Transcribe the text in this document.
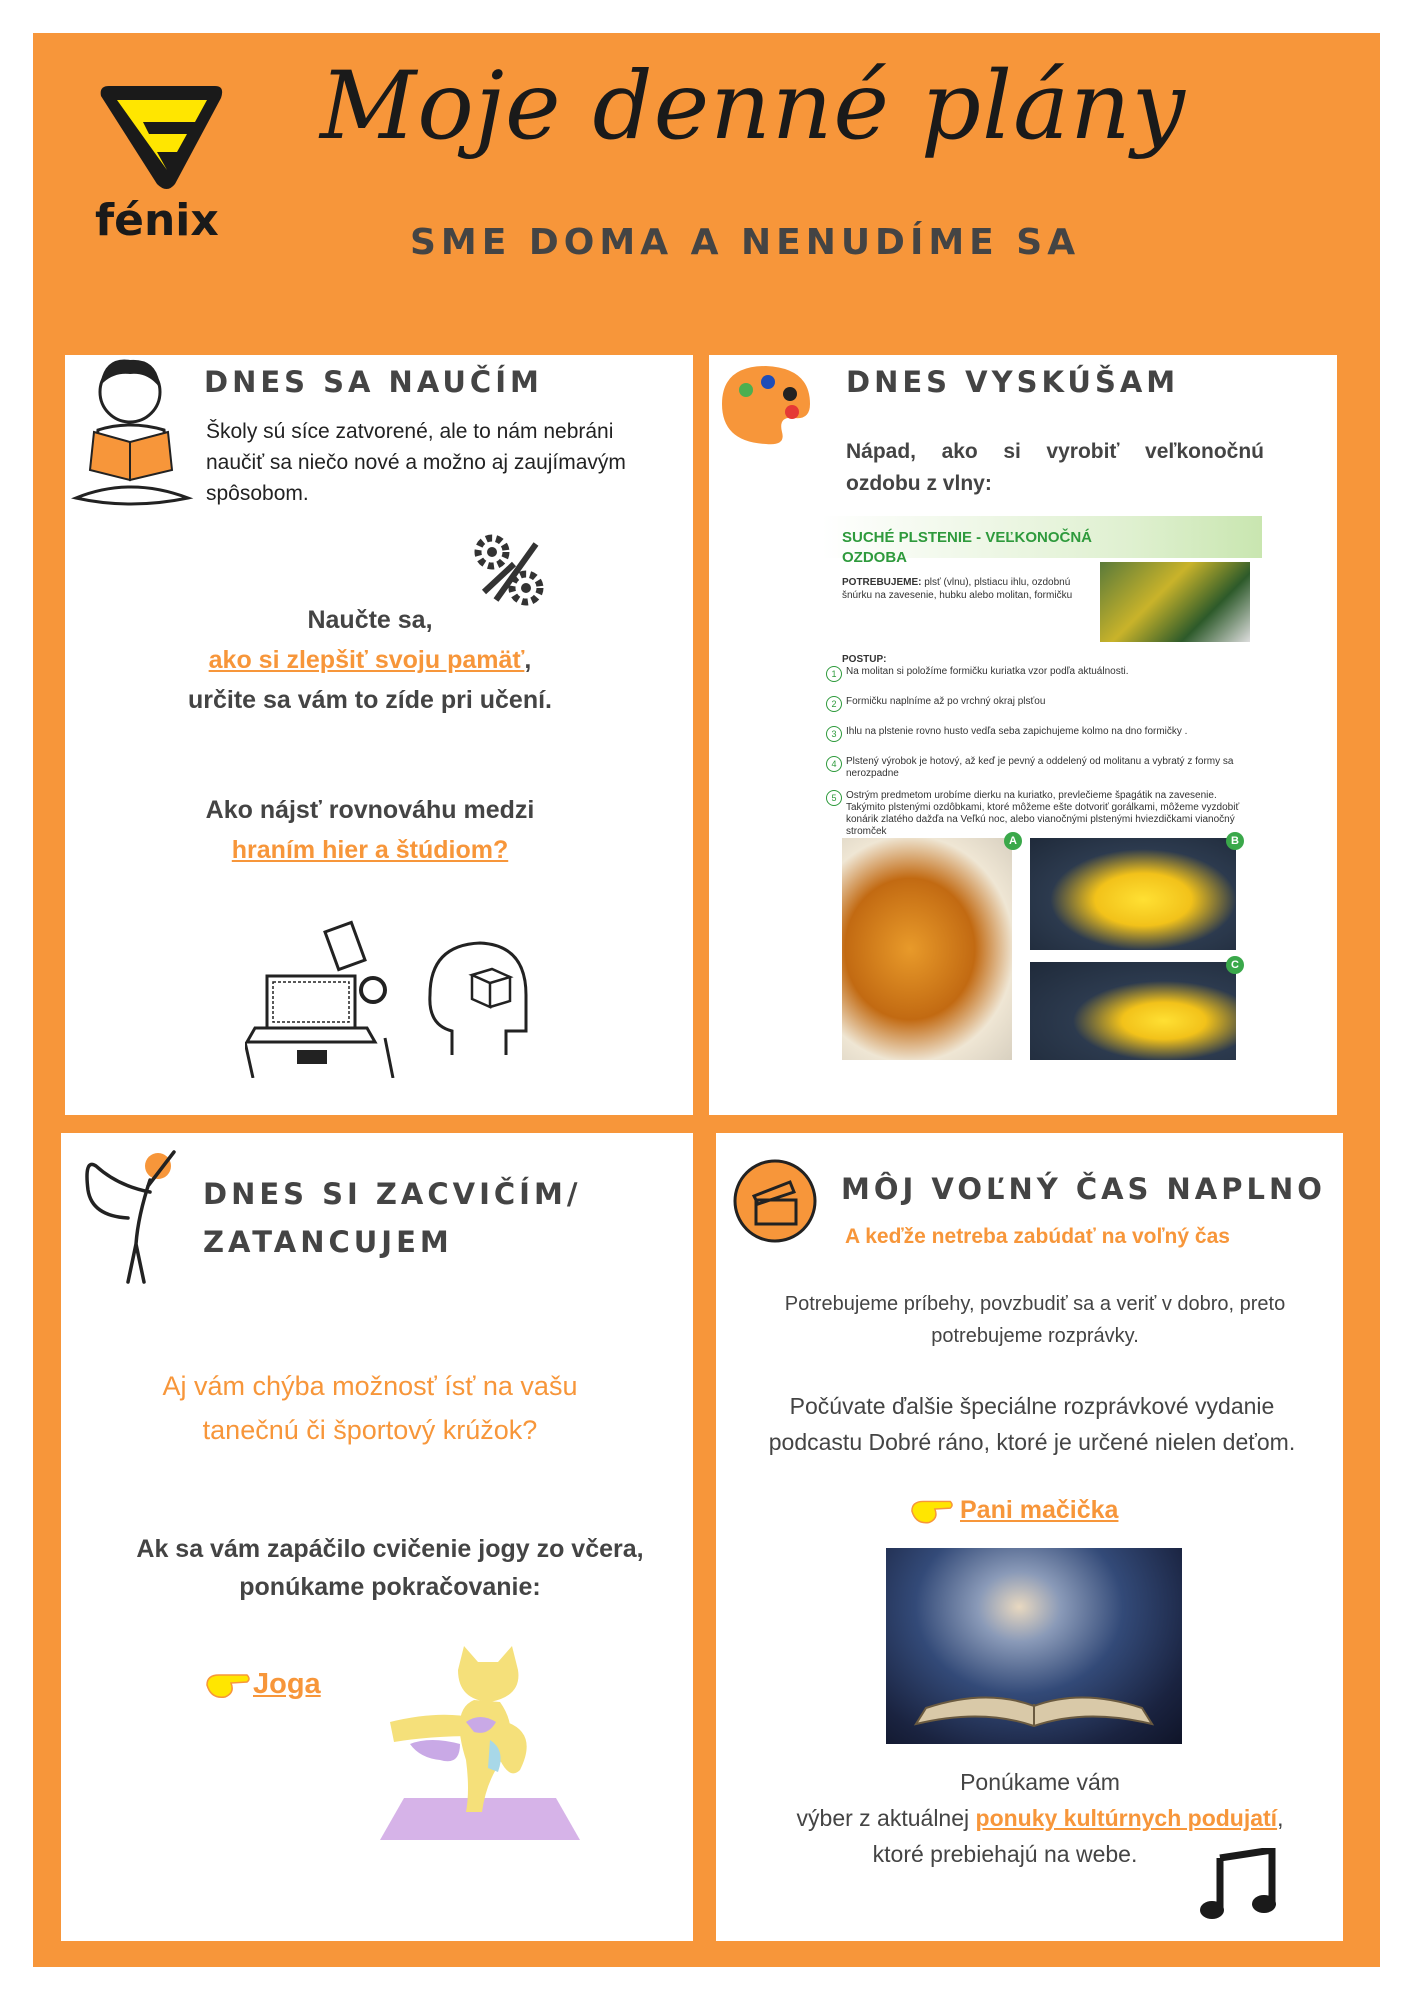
fénix
Moje denné plány
SME DOMA A NENUDÍME SA
DNES SA NAUČÍM
Školy sú síce zatvorené, ale to nám nebráni naučiť sa niečo nové a možno aj zaujímavým spôsobom.
Naučte sa,
ako si zlepšiť svoju pamäť,
určite sa vám to zíde pri učení.
Ako nájsť rovnováhu medzi
hraním hier a štúdiom?
DNES VYSKÚŠAM
Nápad, ako si vyrobiť veľkonočnú ozdobu z vlny:
SUCHÉ PLSTENIE - VEĽKONOČNÁ
OZDOBA
POTREBUJEME: plsť (vlnu), plstiacu ihlu, ozdobnú šnúrku na zavesenie, hubku alebo molitan, formičku
POSTUP:
1 Na molitan si položíme formičku kuriatka vzor podľa aktuálnosti.
2 Formičku naplníme až po vrchný okraj plsťou
3 Ihlu na plstenie rovno husto vedľa seba zapichujeme kolmo na dno formičky .
4 Plstený výrobok je hotový, až keď je pevný a oddelený od molitanu a vybratý z formy sa nerozpadne
5 Ostrým predmetom urobíme dierku na kuriatko, prevlečieme špagátik na zavesenie. Takýmito plstenými ozdôbkami, ktoré môžeme ešte dotvoriť gorálkami, môžeme vyzdobiť konárik zlatého dažďa na Veľkú noc, alebo vianočnými plstenými hviezdičkami vianočný stromček
A	B
C
DNES SI ZACVIČÍM/
ZATANCUJEM
Aj vám chýba možnosť ísť na vašu tanečnú či športový krúžok?
Ak sa vám zapáčilo cvičenie jogy zo včera, ponúkame pokračovanie:
Joga
MÔJ VOĽNÝ ČAS NAPLNO
A keďže netreba zabúdať na voľný čas
Potrebujeme príbehy, povzbudiť sa a veriť v dobro, preto potrebujeme rozprávky.
Počúvate ďalšie špeciálne rozprávkové vydanie podcastu Dobré ráno, ktoré je určené nielen deťom.
Pani mačička
Ponúkame vám
výber z aktuálnej ponuky kultúrnych podujatí,
ktoré prebiehajú na webe.
